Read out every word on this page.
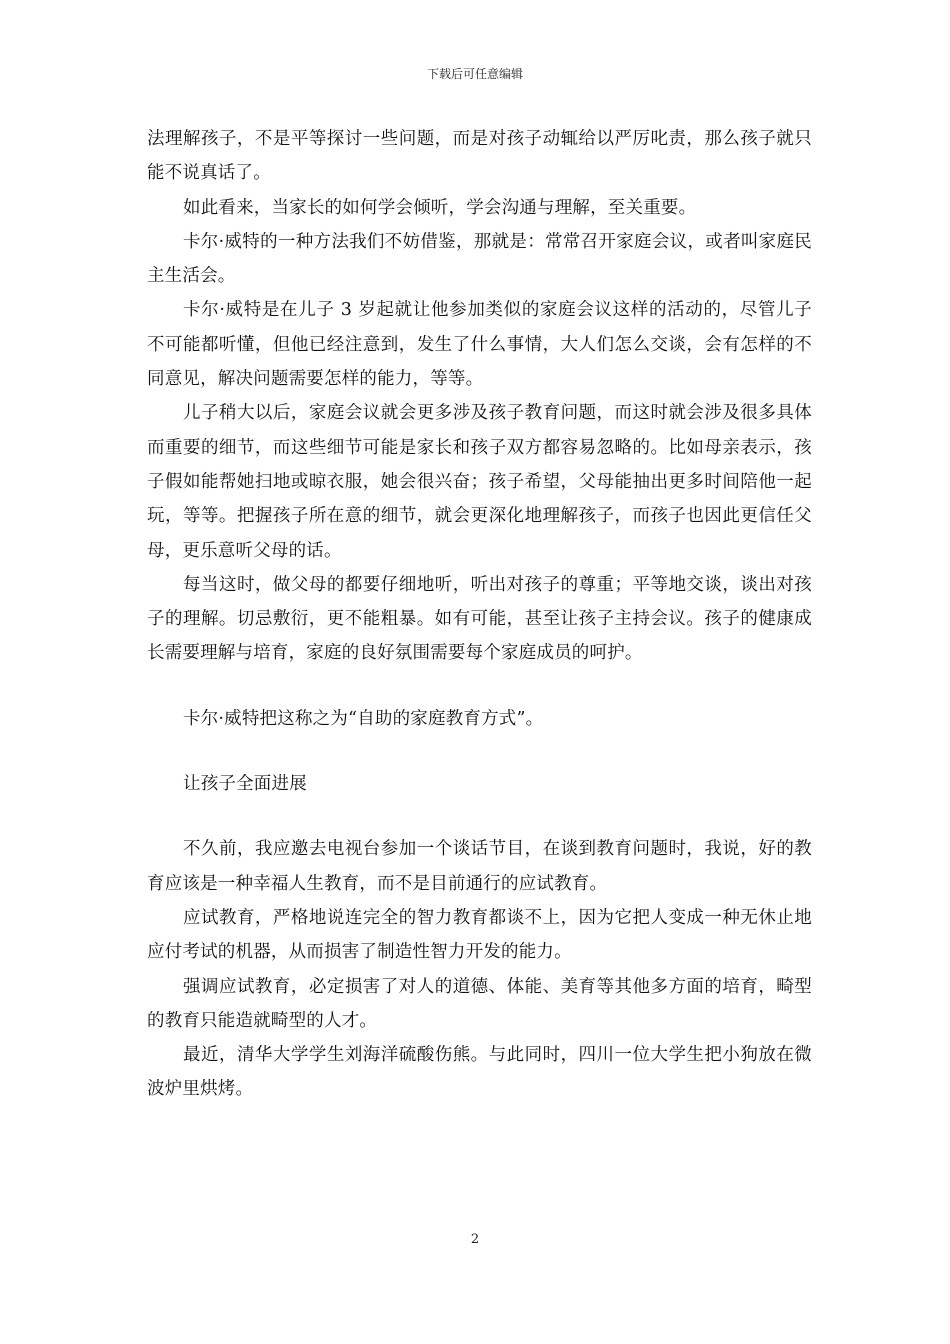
下载后可任意编辑

法理解孩子，不是平等探讨一些问题，而是对孩子动辄给以严厉叱责，那么孩子就只能不说真话了。

如此看来，当家长的如何学会倾听，学会沟通与理解，至关重要。

卡尔·威特的一种方法我们不妨借鉴，那就是：常常召开家庭会议，或者叫家庭民主生活会。

卡尔·威特是在儿子 3 岁起就让他参加类似的家庭会议这样的活动的，尽管儿子不可能都听懂，但他已经注意到，发生了什么事情，大人们怎么交谈，会有怎样的不同意见，解决问题需要怎样的能力，等等。

儿子稍大以后，家庭会议就会更多涉及孩子教育问题，而这时就会涉及很多具体而重要的细节，而这些细节可能是家长和孩子双方都容易忽略的。比如母亲表示，孩子假如能帮她扫地或晾衣服，她会很兴奋；孩子希望，父母能抽出更多时间陪他一起玩，等等。把握孩子所在意的细节，就会更深化地理解孩子，而孩子也因此更信任父母，更乐意听父母的话。

每当这时，做父母的都要仔细地听，听出对孩子的尊重；平等地交谈，谈出对孩子的理解。切忌敷衍，更不能粗暴。如有可能，甚至让孩子主持会议。孩子的健康成长需要理解与培育，家庭的良好氛围需要每个家庭成员的呵护。

卡尔·威特把这称之为“自助的家庭教育方式”。

让孩子全面进展

不久前，我应邀去电视台参加一个谈话节目，在谈到教育问题时，我说，好的教育应该是一种幸福人生教育，而不是目前通行的应试教育。

应试教育，严格地说连完全的智力教育都谈不上，因为它把人变成一种无休止地应付考试的机器，从而损害了制造性智力开发的能力。

强调应试教育，必定损害了对人的道德、体能、美育等其他多方面的培育，畸型的教育只能造就畸型的人才。

最近，清华大学学生刘海洋硫酸伤熊。与此同时，四川一位大学生把小狗放在微波炉里烘烤。

2
